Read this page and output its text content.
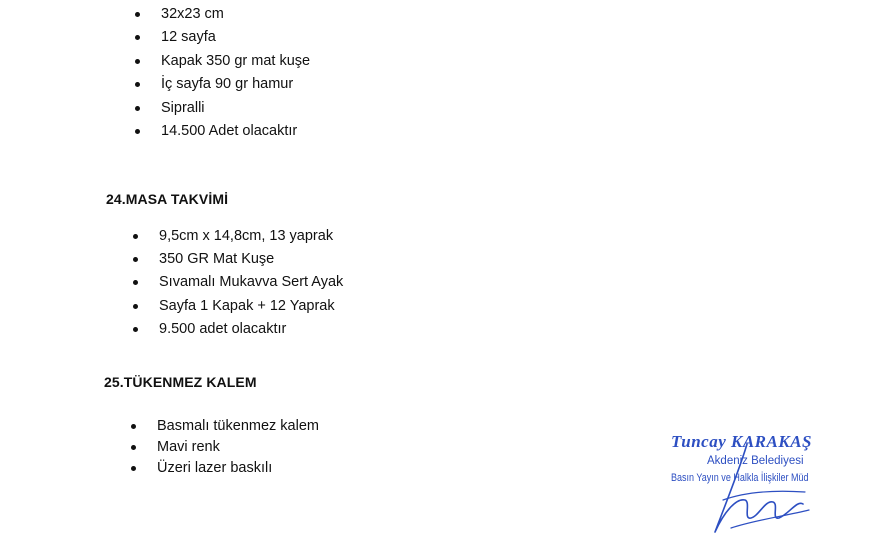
32x23 cm
12 sayfa
Kapak 350 gr mat kuşe
İç sayfa 90 gr hamur
Sipralli
14.500 Adet olacaktır
24.MASA TAKVİMİ
9,5cm x 14,8cm, 13 yaprak
350 GR Mat Kuşe
Sıvamalı Mukavva Sert Ayak
Sayfa 1 Kapak + 12 Yaprak
9.500 adet olacaktır
25.TÜKENMEZ KALEM
Basmalı tükenmez kalem
Mavi renk
Üzeri lazer baskılı
Tuncay KARAKAŞ
Akdeniz Belediyesi
Basın Yayın ve Halkla İlişkiler Müd
